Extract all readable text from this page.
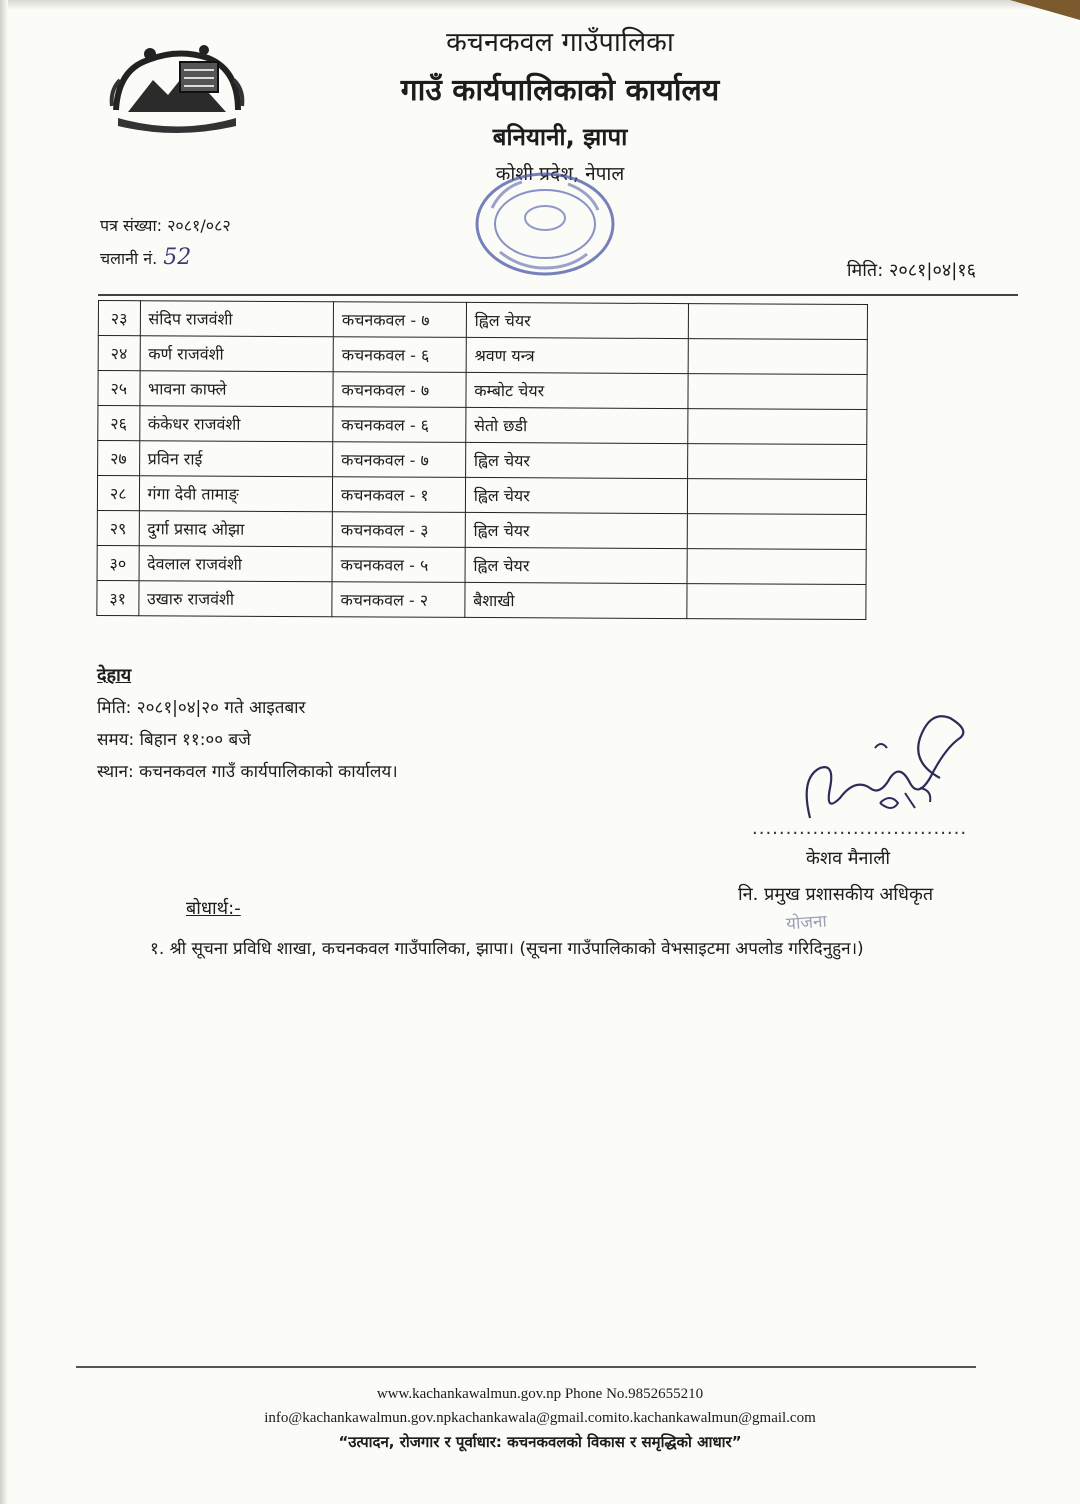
कचनकवल गाउँपालिका
गाउँ कार्यपालिकाको कार्यालय
बनियानी, झापा
कोशी प्रदेश, नेपाल
पत्र संख्या: २०८१/०८२
चलानी नं. 52
मिति: २०८१|०४|१६
२३	संदिप राजवंशी	कचनकवल - ७	ह्विल चेयर	
२४	कर्ण राजवंशी	कचनकवल - ६	श्रवण यन्त्र	
२५	भावना काफ्ले	कचनकवल - ७	कम्बोट चेयर	
२६	कंकेधर राजवंशी	कचनकवल - ६	सेतो छडी	
२७	प्रविन राई	कचनकवल - ७	ह्विल चेयर	
२८	गंगा देवी तामाङ्	कचनकवल - १	ह्विल चेयर	
२९	दुर्गा प्रसाद ओझा	कचनकवल - ३	ह्विल चेयर	
३०	देवलाल राजवंशी	कचनकवल - ५	ह्विल चेयर	
३१	उखारु राजवंशी	कचनकवल - २	बैशाखी	
देहाय
मिति: २०८१|०४|२० गते आइतबार
समय: बिहान ११:०० बजे
स्थान: कचनकवल गाउँ कार्यपालिकाको कार्यालय।
................................
केशव मैनाली
नि. प्रमुख प्रशासकीय अधिकृत
योजना
बोधार्थ:-
१. श्री सूचना प्रविधि शाखा, कचनकवल गाउँपालिका, झापा। (सूचना गाउँपालिकाको वेभसाइटमा अपलोड गरिदिनुहुन।)
www.kachankawalmun.gov.np Phone No.9852655210
info@kachankawalmun.gov.npkachankawala@gmail.comito.kachankawalmun@gmail.com
“उत्पादन, रोजगार र पूर्वाधार: कचनकवलको विकास र समृद्धिको आधार”
